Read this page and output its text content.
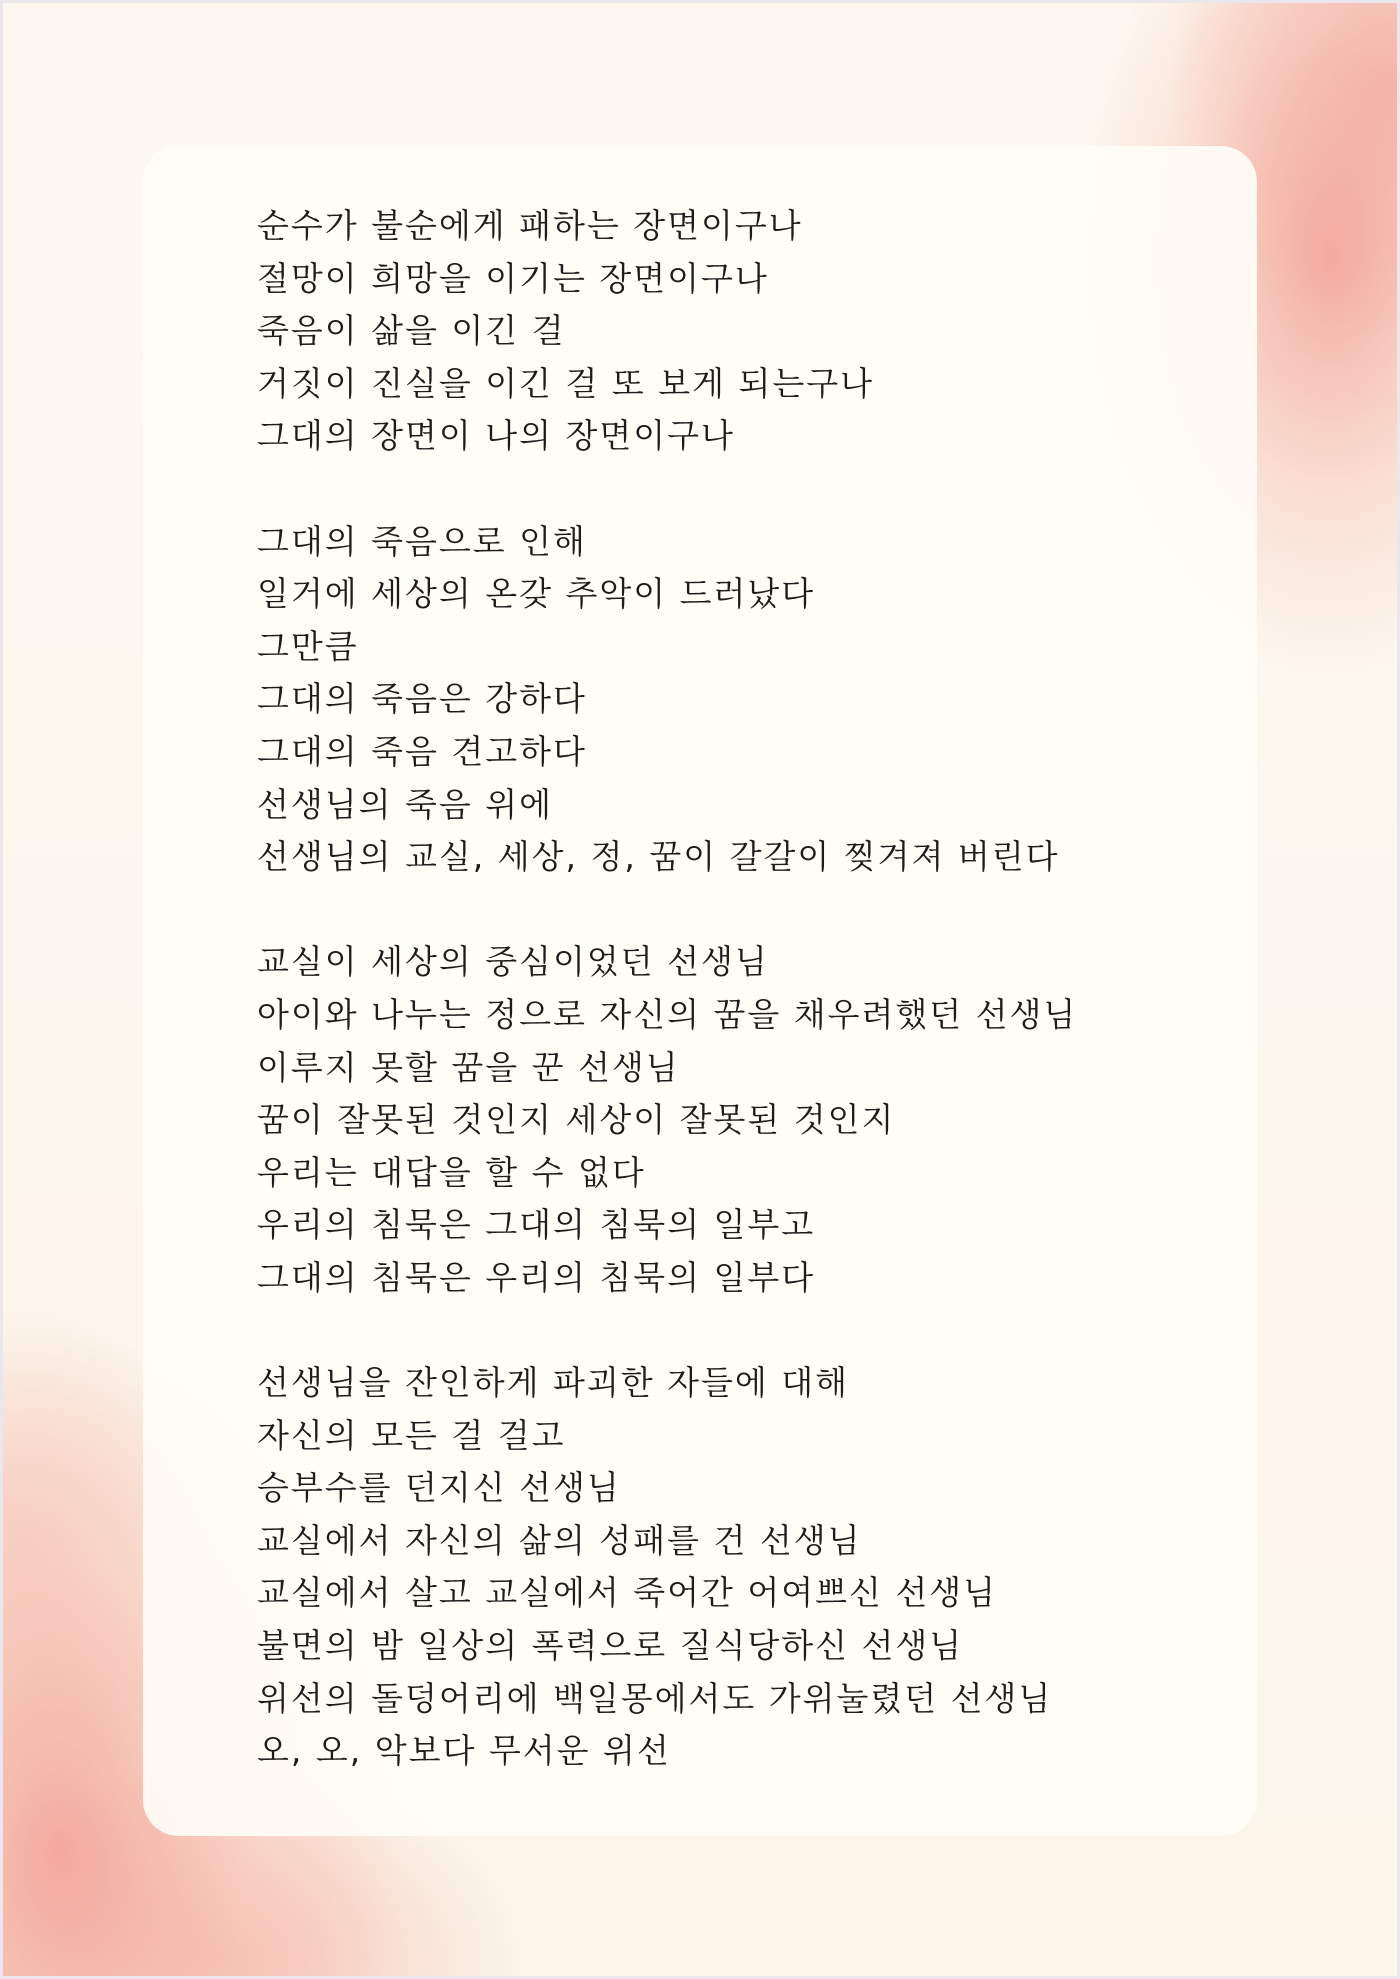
순수가 불순에게 패하는 장면이구나
절망이 희망을 이기는 장면이구나
죽음이 삶을 이긴 걸
거짓이 진실을 이긴 걸 또 보게 되는구나
그대의 장면이 나의 장면이구나
그대의 죽음으로 인해
일거에 세상의 온갖 추악이 드러났다
그만큼
그대의 죽음은 강하다
그대의 죽음 견고하다
선생님의 죽음 위에
선생님의 교실, 세상, 정, 꿈이 갈갈이 찢겨져 버린다
교실이 세상의 중심이었던 선생님
아이와 나누는 정으로 자신의 꿈을 채우려했던 선생님
이루지 못할 꿈을 꾼 선생님
꿈이 잘못된 것인지 세상이 잘못된 것인지
우리는 대답을 할 수 없다
우리의 침묵은 그대의 침묵의 일부고
그대의 침묵은 우리의 침묵의 일부다
선생님을 잔인하게 파괴한 자들에 대해
자신의 모든 걸 걸고
승부수를 던지신 선생님
교실에서 자신의 삶의 성패를 건 선생님
교실에서 살고 교실에서 죽어간 어여쁘신 선생님
불면의 밤 일상의 폭력으로 질식당하신 선생님
위선의 돌덩어리에 백일몽에서도 가위눌렸던 선생님
오, 오, 악보다 무서운 위선
